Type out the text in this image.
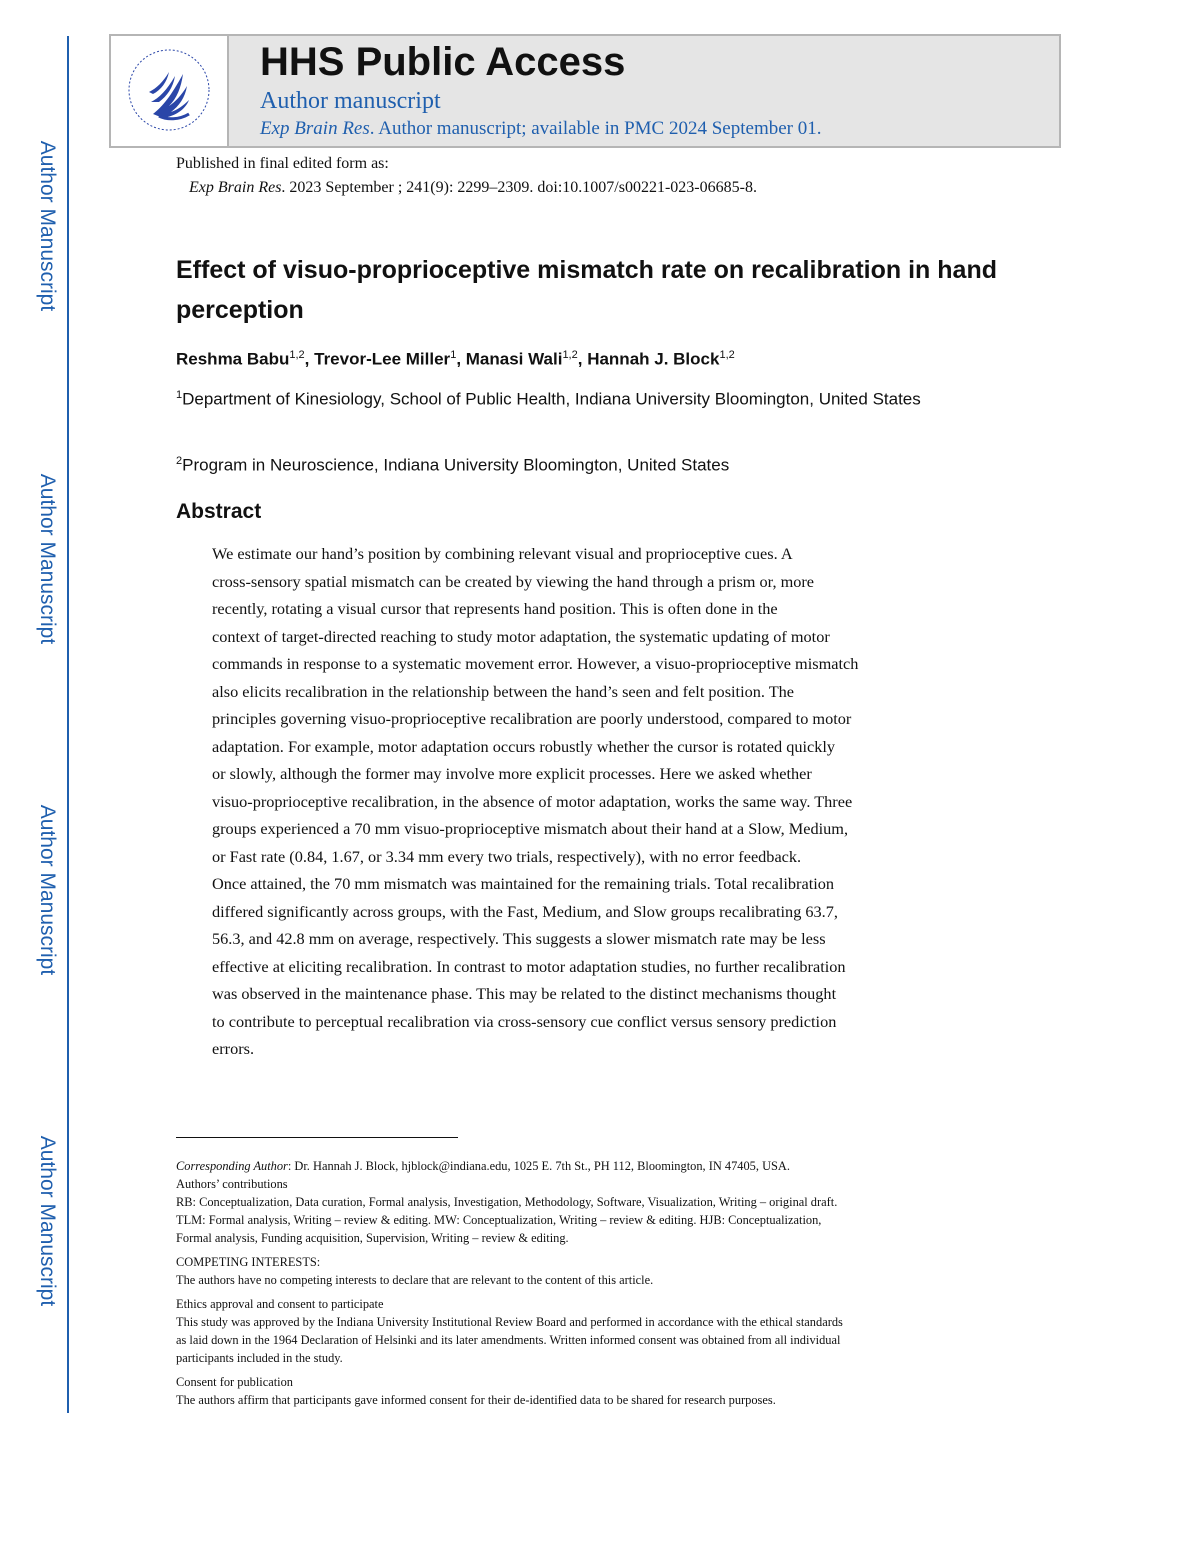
Author Manuscript
Author Manuscript
Author Manuscript
Author Manuscript
HHS Public Access
Author manuscript
Exp Brain Res. Author manuscript; available in PMC 2024 September 01.
Published in final edited form as:
Exp Brain Res. 2023 September ; 241(9): 2299–2309. doi:10.1007/s00221-023-06685-8.
Effect of visuo-proprioceptive mismatch rate on recalibration in hand perception
Reshma Babu$^{1,2}$, Trevor-Lee Miller$^1$, Manasi Wali$^{1,2}$, Hannah J. Block$^{1,2}$
$^1$Department of Kinesiology, School of Public Health, Indiana University Bloomington, United States
$^2$Program in Neuroscience, Indiana University Bloomington, United States
Abstract
We estimate our hand’s position by combining relevant visual and proprioceptive cues. A
cross-sensory spatial mismatch can be created by viewing the hand through a prism or, more
recently, rotating a visual cursor that represents hand position. This is often done in the
context of target-directed reaching to study motor adaptation, the systematic updating of motor
commands in response to a systematic movement error. However, a visuo-proprioceptive mismatch
also elicits recalibration in the relationship between the hand’s seen and felt position. The
principles governing visuo-proprioceptive recalibration are poorly understood, compared to motor
adaptation. For example, motor adaptation occurs robustly whether the cursor is rotated quickly
or slowly, although the former may involve more explicit processes. Here we asked whether
visuo-proprioceptive recalibration, in the absence of motor adaptation, works the same way. Three
groups experienced a 70 mm visuo-proprioceptive mismatch about their hand at a Slow, Medium,
or Fast rate (0.84, 1.67, or 3.34 mm every two trials, respectively), with no error feedback.
Once attained, the 70 mm mismatch was maintained for the remaining trials. Total recalibration
differed significantly across groups, with the Fast, Medium, and Slow groups recalibrating 63.7,
56.3, and 42.8 mm on average, respectively. This suggests a slower mismatch rate may be less
effective at eliciting recalibration. In contrast to motor adaptation studies, no further recalibration
was observed in the maintenance phase. This may be related to the distinct mechanisms thought
to contribute to perceptual recalibration via cross-sensory cue conflict versus sensory prediction
errors.
Corresponding Author: Dr. Hannah J. Block, hjblock@indiana.edu, 1025 E. 7th St., PH 112, Bloomington, IN 47405, USA.
Authors’ contributions
RB: Conceptualization, Data curation, Formal analysis, Investigation, Methodology, Software, Visualization, Writing – original draft.
TLM: Formal analysis, Writing – review & editing. MW: Conceptualization, Writing – review & editing. HJB: Conceptualization,
Formal analysis, Funding acquisition, Supervision, Writing – review & editing.
COMPETING INTERESTS:
The authors have no competing interests to declare that are relevant to the content of this article.
Ethics approval and consent to participate
This study was approved by the Indiana University Institutional Review Board and performed in accordance with the ethical standards
as laid down in the 1964 Declaration of Helsinki and its later amendments. Written informed consent was obtained from all individual
participants included in the study.
Consent for publication
The authors affirm that participants gave informed consent for their de-identified data to be shared for research purposes.
